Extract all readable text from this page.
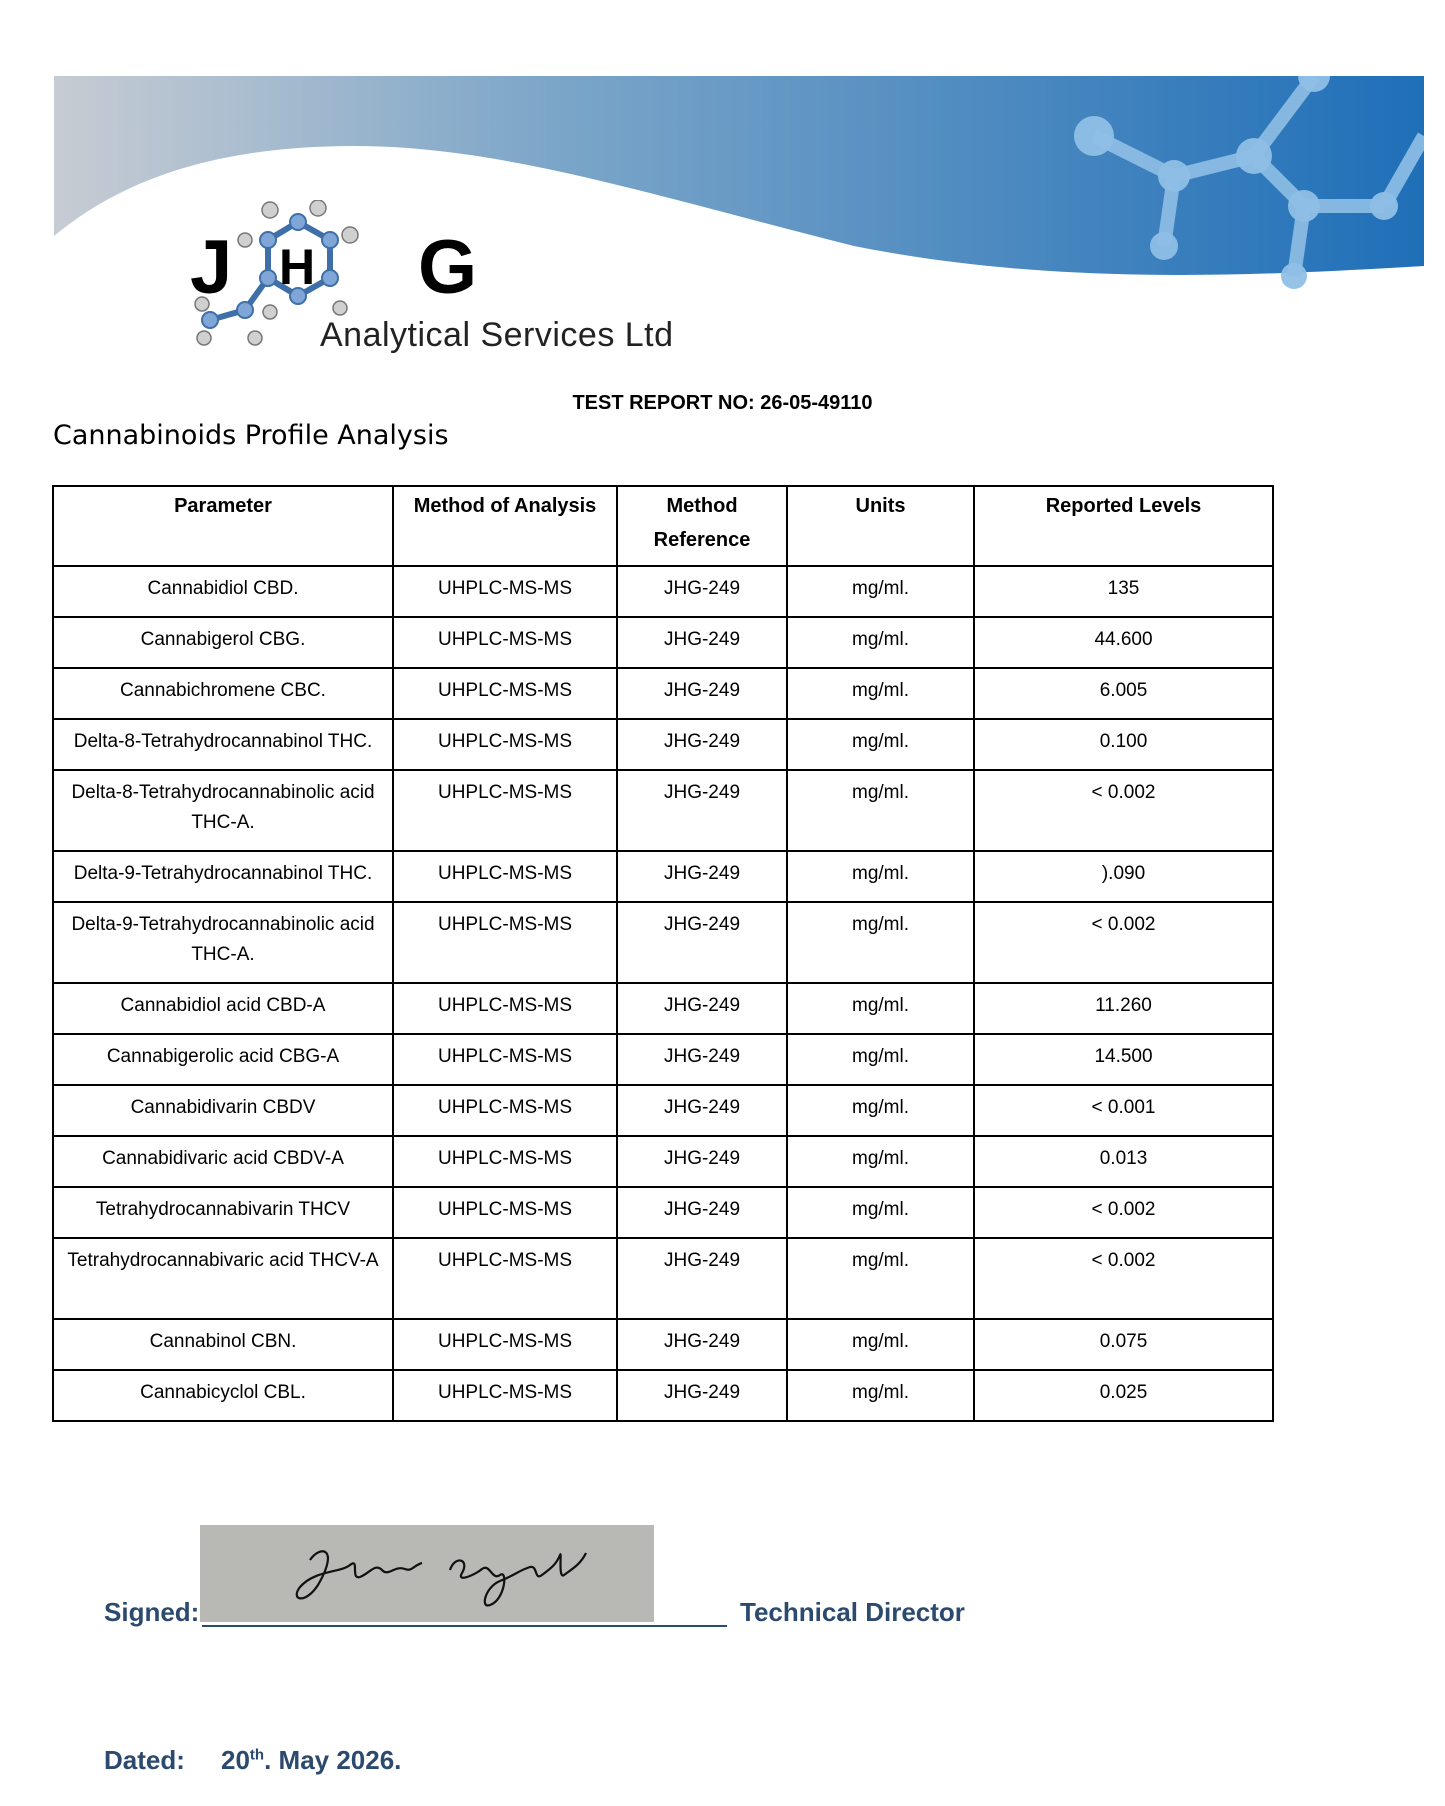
J H G
Analytical Services Ltd
TEST REPORT NO: 26-05-49110
Cannabinoids Profile Analysis
Parameter	Method of Analysis	Method Reference	Units	Reported Levels
Cannabidiol CBD.	UHPLC-MS-MS	JHG-249	mg/ml.	135
Cannabigerol CBG.	UHPLC-MS-MS	JHG-249	mg/ml.	44.600
Cannabichromene CBC.	UHPLC-MS-MS	JHG-249	mg/ml.	6.005
Delta-8-Tetrahydrocannabinol THC.	UHPLC-MS-MS	JHG-249	mg/ml.	0.100
Delta-8-Tetrahydrocannabinolic acid THC-A.	UHPLC-MS-MS	JHG-249	mg/ml.	< 0.002
Delta-9-Tetrahydrocannabinol THC.	UHPLC-MS-MS	JHG-249	mg/ml.	).090
Delta-9-Tetrahydrocannabinolic acid THC-A.	UHPLC-MS-MS	JHG-249	mg/ml.	< 0.002
Cannabidiol acid CBD-A	UHPLC-MS-MS	JHG-249	mg/ml.	11.260
Cannabigerolic acid CBG-A	UHPLC-MS-MS	JHG-249	mg/ml.	14.500
Cannabidivarin CBDV	UHPLC-MS-MS	JHG-249	mg/ml.	< 0.001
Cannabidivaric acid CBDV-A	UHPLC-MS-MS	JHG-249	mg/ml.	0.013
Tetrahydrocannabivarin THCV	UHPLC-MS-MS	JHG-249	mg/ml.	< 0.002
Tetrahydrocannabivaric acid THCV-A	UHPLC-MS-MS	JHG-249	mg/ml.	< 0.002
Cannabinol CBN.	UHPLC-MS-MS	JHG-249	mg/ml.	0.075
Cannabicyclol CBL.	UHPLC-MS-MS	JHG-249	mg/ml.	0.025
Signed:	Technical Director
Dated: 20th. May 2026.
